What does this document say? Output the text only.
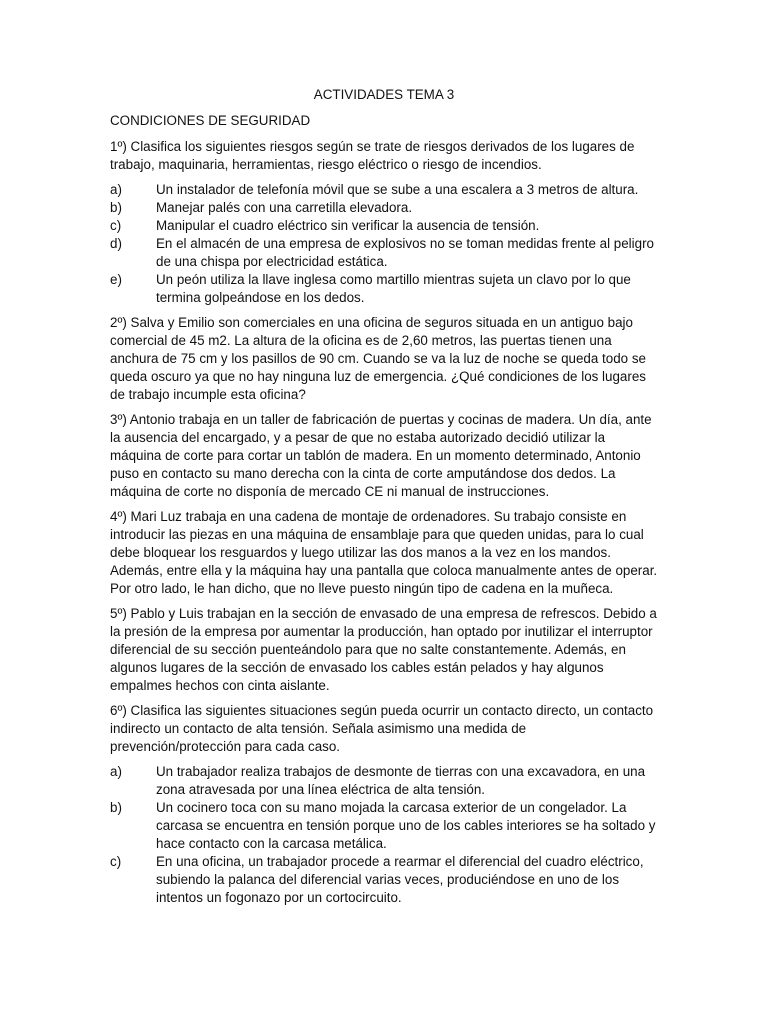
ACTIVIDADES TEMA 3
CONDICIONES DE SEGURIDAD

1º) Clasifica los siguientes riesgos según se trate de riesgos derivados de los lugares de trabajo, maquinaria, herramientas, riesgo eléctrico o riesgo de incendios.

a)	Un instalador de telefonía móvil que se sube a una escalera a 3 metros de altura.
b)	Manejar palés con una carretilla elevadora.
c)	Manipular el cuadro eléctrico sin verificar la ausencia de tensión.
d)	En el almacén de una empresa de explosivos no se toman medidas frente al peligro de una chispa por electricidad estática.
e)	Un peón utiliza la llave inglesa como martillo mientras sujeta un clavo por lo que termina golpeándose en los dedos.

2º) Salva y Emilio son comerciales en una oficina de seguros situada en un antiguo bajo comercial de 45 m2. La altura de la oficina es de 2,60 metros, las puertas tienen una anchura de 75 cm y los pasillos de 90 cm. Cuando se va la luz de noche se queda todo se queda oscuro ya que no hay ninguna luz de emergencia. ¿Qué condiciones de los lugares de trabajo incumple esta oficina?

3º) Antonio trabaja en un taller de fabricación de puertas y cocinas de madera. Un día, ante la ausencia del encargado, y a pesar de que no estaba autorizado decidió utilizar la máquina de corte para cortar un tablón de madera. En un momento determinado, Antonio puso en contacto su mano derecha con la cinta de corte amputándose dos dedos. La máquina de corte no disponía de mercado CE ni manual de instrucciones.

4º) Mari Luz trabaja en una cadena de montaje de ordenadores. Su trabajo consiste en introducir las piezas en una máquina de ensamblaje para que queden unidas, para lo cual debe bloquear los resguardos y luego utilizar las dos manos a la vez en los mandos. Además, entre ella y la máquina hay una pantalla que coloca manualmente antes de operar. Por otro lado, le han dicho, que no lleve puesto ningún tipo de cadena en la muñeca.

5º) Pablo y Luis trabajan en la sección de envasado de una empresa de refrescos. Debido a la presión de la empresa por aumentar la producción, han optado por inutilizar el interruptor diferencial de su sección puenteándolo para que no salte constantemente. Además, en algunos lugares de la sección de envasado los cables están pelados y hay algunos empalmes hechos con cinta aislante.

6º) Clasifica las siguientes situaciones según pueda ocurrir un contacto directo, un contacto indirecto un contacto de alta tensión. Señala asimismo una medida de prevención/protección para cada caso.

a)	Un trabajador realiza trabajos de desmonte de tierras con una excavadora, en una zona atravesada por una línea eléctrica de alta tensión.
b)	Un cocinero toca con su mano mojada la carcasa exterior de un congelador. La carcasa se encuentra en tensión porque uno de los cables interiores se ha soltado y hace contacto con la carcasa metálica.
c)	En una oficina, un trabajador procede a rearmar el diferencial del cuadro eléctrico, subiendo la palanca del diferencial varias veces, produciéndose en uno de los intentos un fogonazo por un cortocircuito.
